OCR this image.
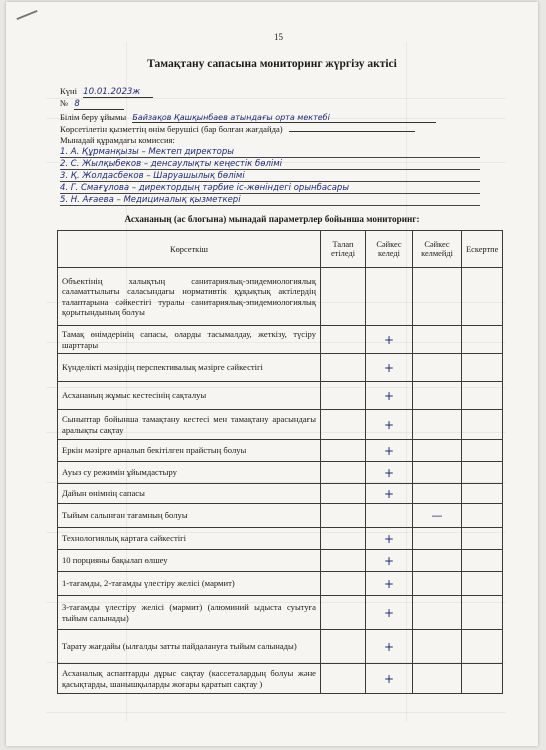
15
Тамақтану сапасына мониторинг жүргізу актісі
Күні 10.01.2023ж
№ 8
Білім беру ұйымы Байзақов Қашқынбаев атындағы орта мектебі
Көрсетілетін қызметтің өнім берушісі (бар болған жағдайда)
Мынадай құрамдағы комиссия:
1. А. Құрманқызы – Мектеп директоры
2. С. Жылқыбеков – денсаулықты кеңестік бөлімі
3. Қ. Жолдасбеков – Шаруашылық бөлімі
4. Г. Смағұлова – директордың тәрбие іс-жөніндегі орынбасары
5. Н. Ағаева – Медициналық қызметкері
Асхананың (ас блогына) мынадай параметрлер бойынша мониторинг:
Көрсеткіш	Талап етіледі	Сәйкес келеді	Сәйкес келмейді	Ескертпе
Объектінің халықтың санитариялық-эпидемиологиялық саламаттылығы саласындағы нормативтік құқықтық актілердің талаптарына сәйкестігі туралы санитариялық-эпидемиологиялық қорытындының болуы				
Тамақ өнімдерінің сапасы, оларды тасымалдау, жеткізу, түсіру шарттары		+		
Күнделікті мәзірдің перспективалық мәзірге сәйкестігі		+		
Асхананың жұмыс кестесінің сақталуы		+		
Сыныптар бойынша тамақтану кестесі мен тамақтану арасындағы аралықты сақтау		+		
Еркін мәзірге арналып бекітілген прайстың болуы		+		
Ауыз су режимін ұйымдастыру		+		
Дайын өнімнің сапасы		+		
Тыйым салынған тағамның болуы			—	
Технологиялық картаға сәйкестігі		+		
10 порцияны бақылап өлшеу		+		
1-тағамды, 2-тағамды үлестіру желісі (мармит)		+		
3-тағамды үлестіру желісі (мармит) (алюминий ыдыста суытуға тыйым салынады)		+		
Тарату жағдайы (ылғалды затты пайдалануға тыйым салынады)		+		
Асханалық аспаптарды дұрыс сақтау (кассеталардың болуы және қасықтарды, шанышқыларды жоғары қаратып сақтау )		+		
